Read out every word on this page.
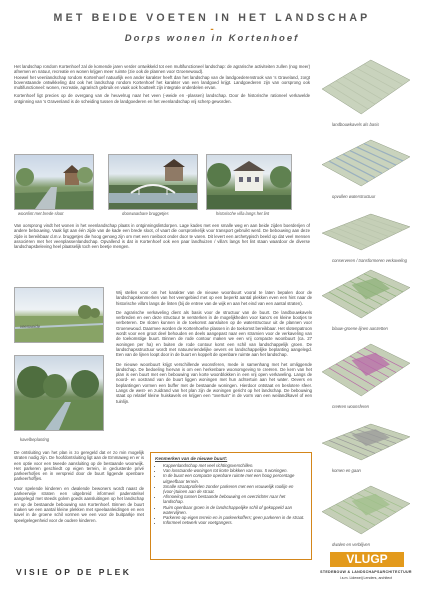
MET BEIDE VOETEN IN HET LANDSCHAP
-
Dorps wonen in Kortenhoef
Het landschap rondom Kortenhoef zal de komende jaren verder ontwikkeld tot een multifunctioneel landschap: de agrarische activiteiten zullen (nog meer) afnemen en natuur, recreatie en wonen krijgen meer ruimte (zie ook de plannen voor Groenewoud).
Hoewel het veenlandschap rondom Kortenhoef natuurlijk een ander karakter heeft dan het landschap van de landgoederenstrook van 's Graveland, zorgt bovenstaande ontwikkeling dat ook het landschap rondom Kortenhoef het karakter van een landgoed krijgt. Landgoederen zijn van oorsprong ook multifunctioneel: wonen, recreatie, agrarisch gebruik en vaak ook houtteelt zijn integrale onderdelen ervan.
Kortenhoef ligt precies op de overgang van de heuvelrug naar het veen (-weide en -plassen) landschap. Door de historische rationeel verkavelde ontginning van 's Gravenland is de scheiding tussen de landgoederen en het veenlandschap vrij scherp geworden.
woonlint met brede sloot	doorwaarbare bruggetjes	historische villa langs het lint
Van oorsprong vindt het wonen in het veenlandschap plaats in ontginningslintdorpen. Lage kades met een smalle weg en aan beide zijden boerderijen of andere bebouwing. Vaak ligt aan één zijde van de kade een brede sloot, of vaart die oorspronkelijk voor transport gebruikt werd. De bebouwing aan deze zijde is bereikbaar d.m.v. bruggetjes die hoog genoeg zijn om met een roeiboot onder door te varen. Dit levert een archetypisch beeld op dat veel mensen associëren met het veenplassenlandschap. Opvallend is dat in Kortenhoef ook een paar landhuizen / villa's langs het lint staan waardoor de diverse landschapsbeleving heel plaatselijk toch een beetje mengen.
veenweide
kavelbeplanting
Wij stellen voor om het karakter van de nieuwe woonbuurt vooral te laten bepalen door de landschapskenmerken van het veengebied met op een beperkt aantal plekken even een hint naar de historische villa's langs de linten (bij de entree van de wijk en aan het eind van een aantal straten).
De agrarische verkaveling dient als basis voor de structuur van de buurt. De landbouwkavels verbreden en een deze structuur te versterken in de mogelijkheden voor kano's en kleine bootjes te verbeteren. De sloten kunnen in de toekomst aansluiten op de waterstructuur uit de plannen voor Groenewoud. Daarmee worden de Kortenhoefse plassen in de toekomst bereikbaar. Het slotenpatroon wordt voor een groot deel behouden en deels aangepast naar een stramien voor de verkaveling van de toekomstige buurt. Binnen de rode contour maken we een vrij compacte woonbuurt (ca. 27 woningen per ha) en buiten de rode contour komt een schil van landschappelijk groen. De landschapsstructuur wordt met natuurvriendelijke oevers en landschappelijke beplanting aangelegd. Een van de lijnen loopt door in de buurt en koppelt de openbare ruimte aan het landschap.
De nieuwe woonbuurt krijgt verschillende woonsferen, mede in samenhang met het omliggende landschap. De bedoeling hiervan is om een herkenbare woonomgeving te creëren. De kern van het plan is een buurt met een bebouwing van korte woonblokken in een vrij open verkaveling. Langs de noord- en oostrand van de buurt liggen woningen met hun achtertuin aan het water. Oevers en beplantingen vormen een buffer met de bestaande woningen. Hierdoor ontstaat en beslotere sfeer. Langs de west- en zuidrand van het plan zijn de woningen gericht op het landschap. De bebouwing staat op relatief kleine huiskavels en krijgen een "overtuin" in de vorm van een weiland/kavel of een tuinlijn.
De ontsluiting van het plan is zo geregeld dat er zo min mogelijk straten nodig zijn. De hoofdontsluiting ligt aan de Emmaweg en er is een optie voor een tweede aansluiting op de bestaande woonwijk. Het parkeren geschiedt op eigen terrein, in geclusterde privé parkeerhofjes en in verspreid door de buurt liggende openbare parkeerhoffjes.
Voor spelende kinderen en dwalende bewoners wordt naast de parkeerwije straten een uitgebreid informeel padenstelsel aangelegd met steeds golvm goeds aansluitingen op het landschap en op de bestaande bebouwing van Kortenhoef. Binnen de buurt maken we een aantal kleine plekken met speelaanleidingen en een kavel in de groene schil vormen we een voor de buitparkje met speelgelegenheid voor de oudere kinderen.
Kenmerken van de nieuwe buurt:
• Kappenlandschap met veel richtingsverschillen.
• Van losstaande woningen tot korte blokken van max. 5 woningen.
• In de buurt een compacte openbare ruimte met een hoog percentage uitgeefbaar terrein.
• Smalle straatprofielen zonder parkeren met een vrouwelijk rooilijn en (voor-)tuinen aan de straat.
• Afsnoeiing tussen bestaande bebouwing en overzichter naar het landschap.
• Ruim openbaar groen in de landschappelijke schil of gekoppeld aan watervlijnen.
• Parkeren op eigen terrein en in parkeerkoffers; geen parkeren in de straat.
• Informeel netwerk voor voetgangers.
landbouwkavels als basis
opvullen waterstructuur
conserveren / transformeren verkaveling
blauw-groene lijnen aanzetten
creëren woonsferen
komen en gaan
dwalen en verblijven
VISIE OP DE PLEK
VLUGP
STEDEBOUW & LANDSCHAPSARCHITECTUUR
i.s.m. Lideweij Lenders, architect
